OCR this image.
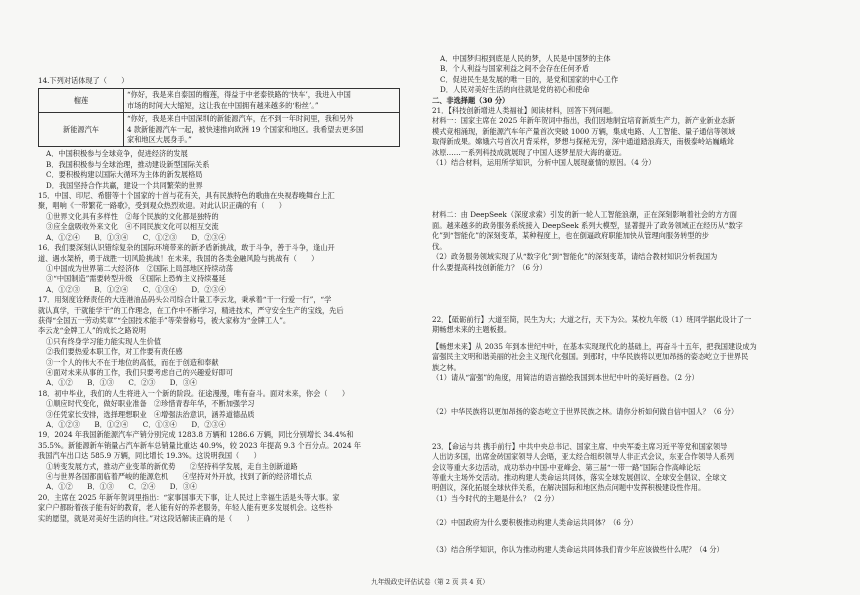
14.下列对话体现了（　　）
榴莲	“你好，我是来自泰国的榴莲，得益于中老泰铁路的‘快车’，我进入中国
市场的时间大大缩短，这让我在中国拥有越来越多的‘粉丝’。”

新能源汽车	“你好，我是来自中国深圳的新能源汽车，在不到一年时间里，我和另外
4 款新能源汽车一起，被快速推向欧洲 19 个国家和地区。我希望去更多国
家和地区大展身手。”
A．中国积极参与全球竞争，促进经济的发展
B．我国积极参与全球治理，推动建设新型国际关系
C．要积极构建以国际大循环为主体的新发展格局
D．我国坚持合作共赢，建设一个共同繁荣的世界
15．中国、印尼、希腊等十个国家的十首与花有关，具有民族特色的歌曲在央视春晚舞台上汇
聚，唱响《一带繁花一路歌》，受到观众热烈欢迎。对此认识正确的有（　　）
①世界文化具有多样性　②每个民族的文化都是独特的
③应全盘吸收外来文化　④不同民族文化可以相互交流
A．①②④　　B．①③④　　C．①②③　　D．②③④
16．我们要深刻认识错综复杂的国际环境带来的新矛盾新挑战，敢于斗争，善于斗争，逢山开
道、遇水架桥，勇于战胜一切风险挑战！在未来，我国的各类金融风险与挑战有（　　）
①中国成为世界第二大经济体　②国际上局部地区持续动荡
③“中国制造”需要转型升级　④国际上恐怖主义持续蔓延
A．①②③　　B．①②④　　C．①③④　　D．②③④
17．用刻度诠释责任的大连港油品码头公司综合计量工李云龙，秉承着“干一行爱一行”，“学
就认真学，干就能学干”的工作理念，在工作中不断学习，精进技术，严守安全生产的宝线，先后
获得“全国五一劳动奖章”“全国技术能手”等荣誉称号，被大家称为“金牌工人”。
李云龙“金牌工人”的成长之路说明
①只有终身学习能力能实现人生价值
②我们要热爱本职工作，对工作要有责任感
③一个人的伟大不在于地位的高低，而在于创造和奉献
④面对未来从事的工作，我们只要考虑自己的兴趣爱好即可
A．①②　　B．①③　　C．②③　　D．③④
18．初中毕业，我们的人生将进入一个新的阶段。征途漫漫，唯有奋斗。面对未来，你会（　　）
①顺应时代变化，做好职业准备　②珍惜青春年华，不断加强学习
③任凭家长安排，选择理想职业　④增强法治意识，涵养道德品质
A．①②③　　B．①②④　　C．①③④　　D．②③④
19．2024 年我国新能源汽车产销分别完成 1283.8 万辆和 1286.6 万辆，同比分别增长 34.4%和
35.5%。新能源新车销量占汽车新车总销量比重达 40.9%，较 2023 年提高 9.3 个百分点。2024 年
我国汽车出口达 585.9 万辆，同比增长 19.3%。这说明我国（　　）
①转变发展方式，推动产业变革的新优势　　②坚持科学发展，走自主创新道路
④与世界各国都面临着严峻的能源危机　　④坚持对外开放，找到了新的经济增长点
A．①②　　B．①③　　C．②④　　D．③④
20．主席在 2025 年新年贺词里指出：“家事国事天下事，让人民过上幸福生活是头等大事。家
家户户都盼着孩子能有好的教育，老人能有好的养老服务，年轻人能有更多发展机会。这些朴
实的愿望，就是对美好生活的向往。”对这段话解读正确的是（　　）
A．中国梦归根到底是人民的梦，人民是中国梦的主体
B．个人利益与国家利益之间不会存在任何矛盾
C．促进民生是发展的唯一目的，是党和国家的中心工作
D．人民对美好生活的向往就是党的初心和使命
二、非选择题（30 分）
21．【科技创新增进人类福祉】阅读材料，回答下列问题。
材料一：国家主席在 2025 年新年贺词中指出，我们因地制宜培育新质生产力，新产业新业态新
模式竞相涌现，新能源汽车年产量首次突破 1000 万辆，集成电路、人工智能、量子通信等领域
取得新成果。嫦娥六号首次月背采样，梦想与探秘无穷，深中通道踏浪海天，南极泰岭站巍峨耸
冰原……一系列科技成就展现了中国人逐梦星辰大海的豪迈。
（1）结合材料，运用所学知识，分析中国人展现豪情的原因。（4 分）
材料二：由 DeepSeek（深度求索）引发的新一轮人工智能浪潮，正在深刻影响着社会的方方面
面。越来越多的政务服务系统接入 DeepSeek 系列大模型，显著提升了政务领域正在经历从“数字
化”到“智能化”的深刻变革，某种程度上，也在倒逼政府职能加快从管理向服务转型的步
伐。
（2）政务服务领域实现了从“数字化”到“智能化”的深刻变革，请结合教材知识分析我国为
什么要提高科技创新能力？（6 分）
22．【砥砺前行】大道至简，民生为大；大道之行，天下为公。某校九年级（1）班同学据此设计了一
期畅想未来的主题板报。
【畅想未来】从 2035 年到本世纪中叶，在基本实现现代化的基础上，再奋斗十五年，把我国建设成为
富强民主文明和谐美丽的社会主义现代化强国。到那时，中华民族将以更加昂扬的姿态屹立于世界民
族之林。
（1）请从“富强”的角度，用简洁的语言描绘我国到本世纪中叶的美好画卷。（2 分）
（2）中华民族将以更加昂扬的姿态屹立于世界民族之林。请你分析如何做自信中国人？（6 分）
23．【命运与共 携手前行】中共中央总书记、国家主席、中央军委主席习近平等党和国家领导
人出访多国，出席金砖国家领导人会晤，亚太经合组织领导人非正式会议，东亚合作领导人系列
会议等重大多边活动，成功举办中国-中亚峰会、第三届“一带一路”国际合作高峰论坛
等重大主场外交活动。推动构建人类命运共同体，落实全球发展倡议、全球安全倡议、全球文
明倡议，深化拓展全球伙伴关系，在解决国际和地区热点问题中发挥积极建设性作用。
（1）当今时代的主题是什么？（2 分）
（2）中国政府为什么要积极推动构建人类命运共同体？（6 分）
（3）结合所学知识，你认为推动构建人类命运共同体我们青少年应该做些什么呢？（4 分）
九年级政史评估试卷（第 2 页 共 4 页）
